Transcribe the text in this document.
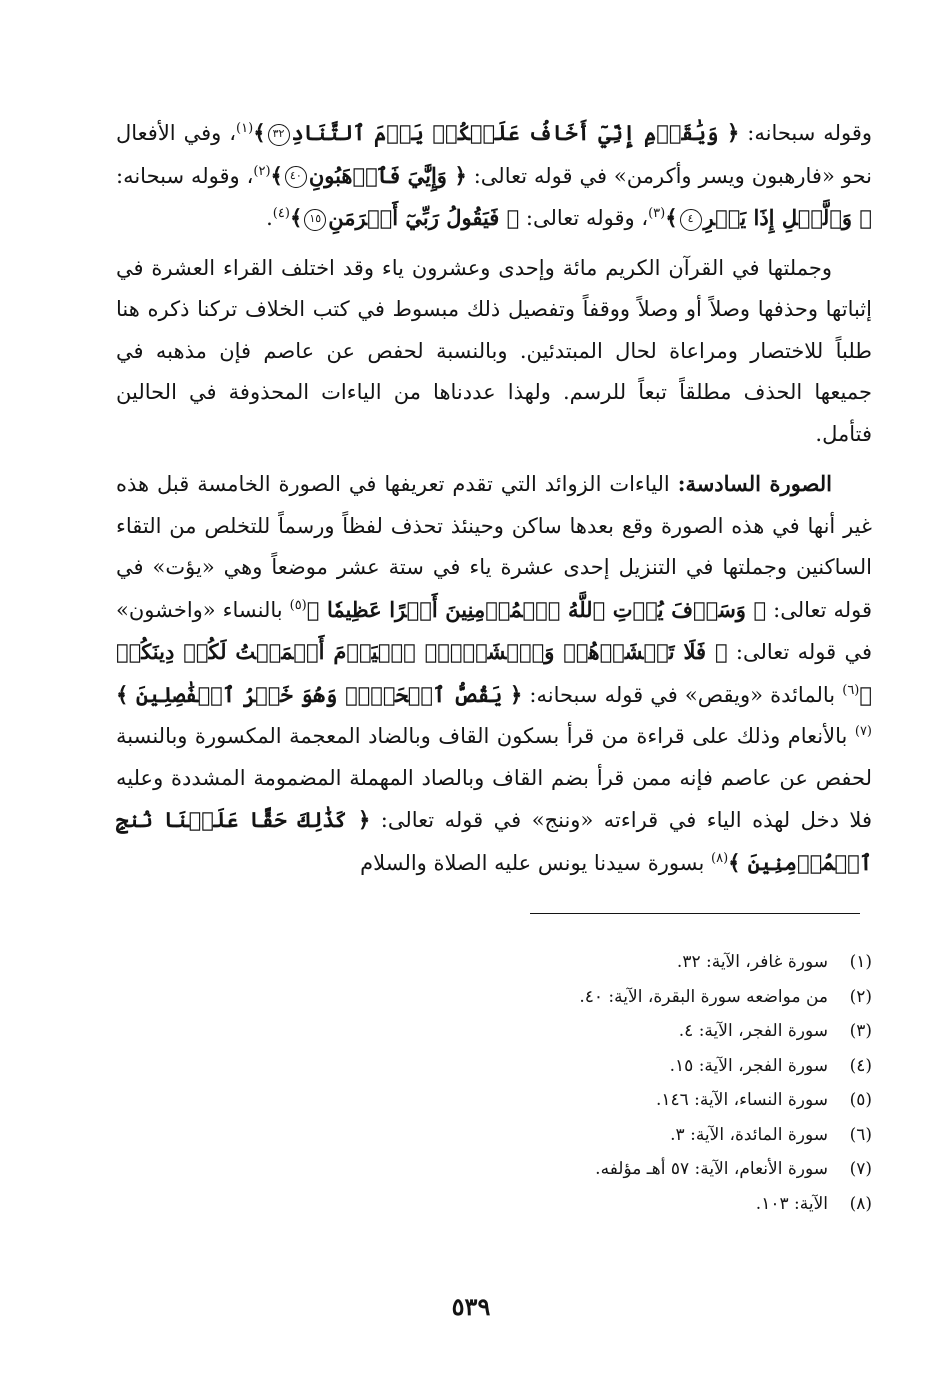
وقوله سبحانه: ﴿ وَيَٰقَوۡمِ إِنِّيٓ أَخَافُ عَلَيۡكُمۡ يَوۡمَ ٱلتَّنَادِ٣٢﴾$^{(١)}$، وفي الأفعال نحو «فارهبون ويسر وأكرمن» في قوله تعالى: ﴿ وَإِيَّٰيَ فَٱرۡهَبُونِ٤٠﴾$^{(٢)}$، وقوله سبحانه: ﴿ وَٱلَّيۡلِ إِذَا يَسۡرِ٤﴾$^{(٣)}$، وقوله تعالى: ﴿ فَيَقُولُ رَبِّيٓ أَكۡرَمَنِ١٥﴾$^{(٤)}$.

وجملتها في القرآن الكريم مائة وإحدى وعشرون ياء وقد اختلف القراء العشرة في إثباتها وحذفها وصلاً أو وصلاً ووقفاً وتفصيل ذلك مبسوط في كتب الخلاف تركنا ذكره هنا طلباً للاختصار ومراعاة لحال المبتدئين. وبالنسبة لحفص عن عاصم فإن مذهبه في جميعها الحذف مطلقاً تبعاً للرسم. ولهذا عددناها من الياءات المحذوفة في الحالين فتأمل.

الصورة السادسة: الياءات الزوائد التي تقدم تعريفها في الصورة الخامسة قبل هذه غير أنها في هذه الصورة وقع بعدها ساكن وحينئذ تحذف لفظاً ورسماً للتخلص من التقاء الساكنين وجملتها في التنزيل إحدى عشرة ياء في ستة عشر موضعاً وهي «يؤت» في قوله تعالى: ﴿ وَسَوۡفَ يُؤۡتِ ٱللَّهُ ٱلۡمُؤۡمِنِينَ أَجۡرًا عَظِيمٗا ﴾$^{(٥)}$ بالنساء «واخشون» في قوله تعالى: ﴿ فَلَا تَخۡشَوۡهُمۡ وَٱخۡشَوۡنِۚ ٱلۡيَوۡمَ أَكۡمَلۡتُ لَكُمۡ دِينَكُمۡ ﴾$^{(٦)}$ بالمائدة «ويقص» في قوله سبحانه: ﴿ يَقُصُّ ٱلۡحَقَّۖ وَهُوَ خَيۡرُ ٱلۡفَٰصِلِينَ ﴾$^{(٧)}$ بالأنعام وذلك على قراءة من قرأ بسكون القاف وبالضاد المعجمة المكسورة وبالنسبة لحفص عن عاصم فإنه ممن قرأ بضم القاف وبالصاد المهملة المضمومة المشددة وعليه فلا دخل لهذه الياء في قراءته «وننج» في قوله تعالى: ﴿ كَذَٰلِكَ حَقًّا عَلَيۡنَا نُنجِ ٱلۡمُؤۡمِنِينَ ﴾$^{(٨)}$ بسورة سيدنا يونس عليه الصلاة والسلام

(١)سورة غافر، الآية: ٣٢.
(٢)من مواضعه سورة البقرة، الآية: ٤٠.
(٣)سورة الفجر، الآية: ٤.
(٤)سورة الفجر، الآية: ١٥.
(٥)سورة النساء، الآية: ١٤٦.
(٦)سورة المائدة، الآية: ٣.
(٧)سورة الأنعام، الآية: ٥٧ أهـ مؤلفه.
(٨)الآية: ١٠٣.
٥٣٩
